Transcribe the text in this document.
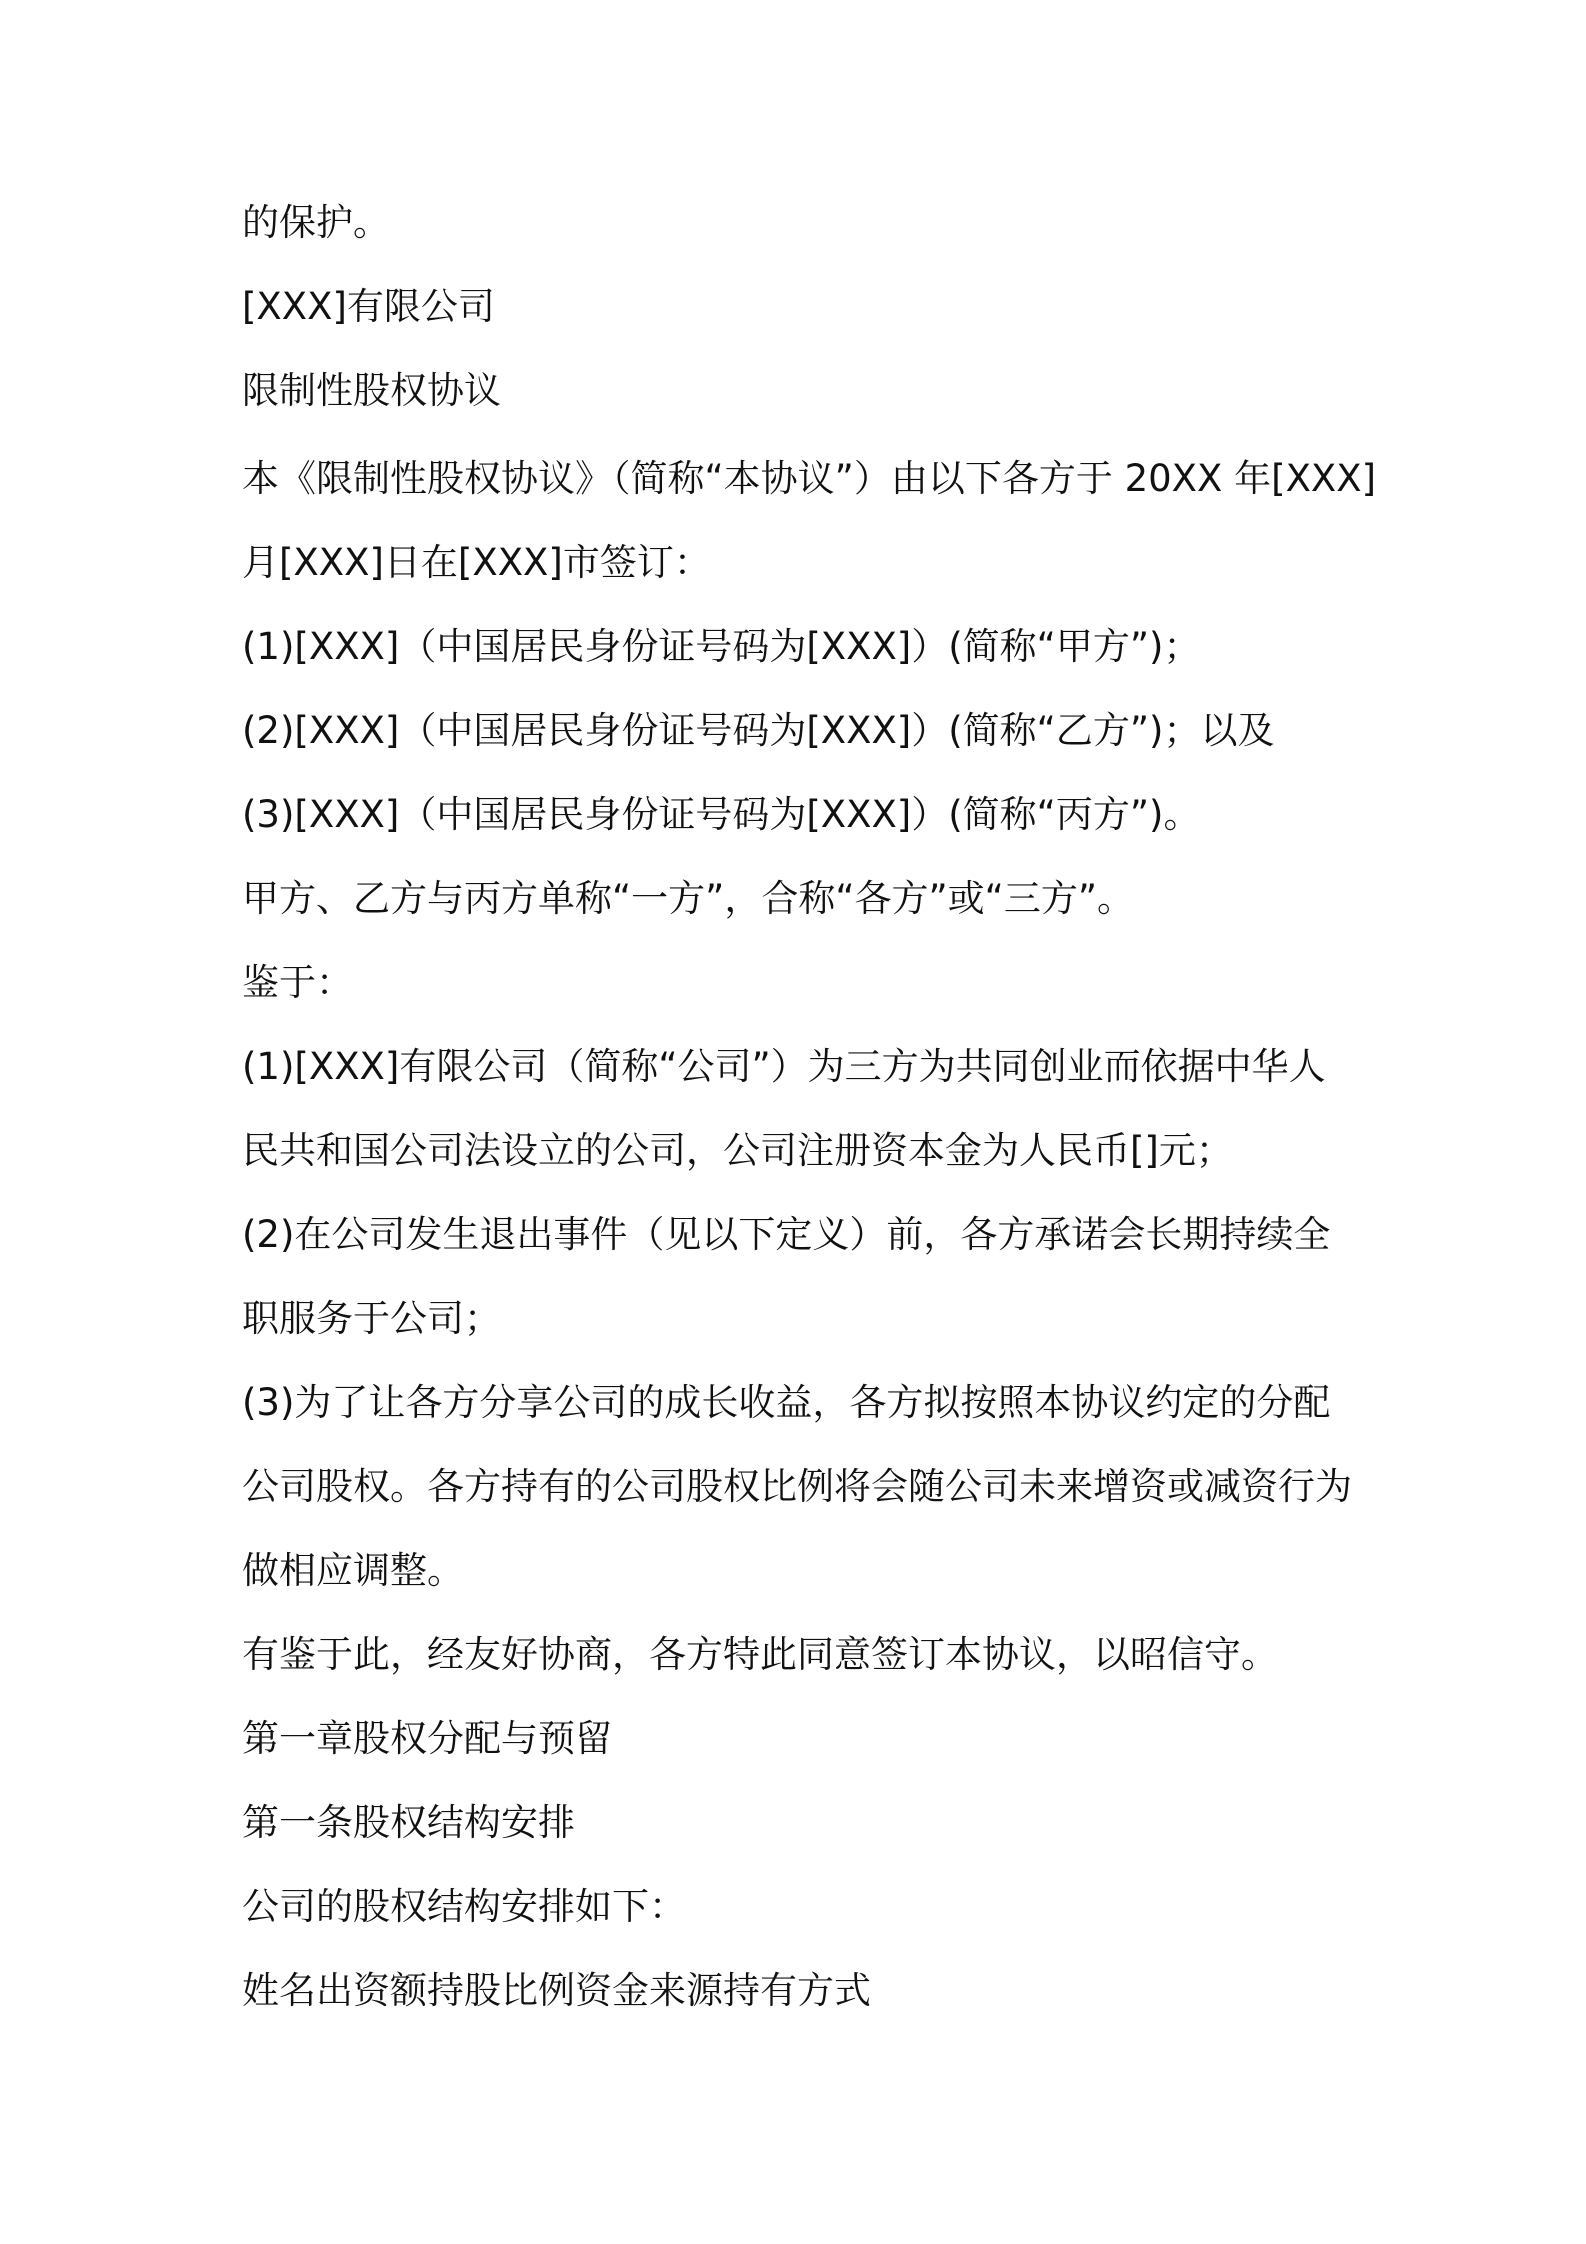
的保护。
[XXX]有限公司
限制性股权协议
本《限制性股权协议》（简称“本协议”）由以下各方于 20XX 年[XXX]
月[XXX]日在[XXX]市签订：
(1)[XXX]（中国居民身份证号码为[XXX]）(简称“甲方”)；
(2)[XXX]（中国居民身份证号码为[XXX]）(简称“乙方”)；以及
(3)[XXX]（中国居民身份证号码为[XXX]）(简称“丙方”)。
甲方、乙方与丙方单称“一方”，合称“各方”或“三方”。
鉴于：
(1)[XXX]有限公司（简称“公司”）为三方为共同创业而依据中华人
民共和国公司法设立的公司，公司注册资本金为人民币[]元；
(2)在公司发生退出事件（见以下定义）前，各方承诺会长期持续全
职服务于公司；
(3)为了让各方分享公司的成长收益，各方拟按照本协议约定的分配
公司股权。各方持有的公司股权比例将会随公司未来增资或减资行为
做相应调整。
有鉴于此，经友好协商，各方特此同意签订本协议，以昭信守。
第一章股权分配与预留
第一条股权结构安排
公司的股权结构安排如下：
姓名出资额持股比例资金来源持有方式
